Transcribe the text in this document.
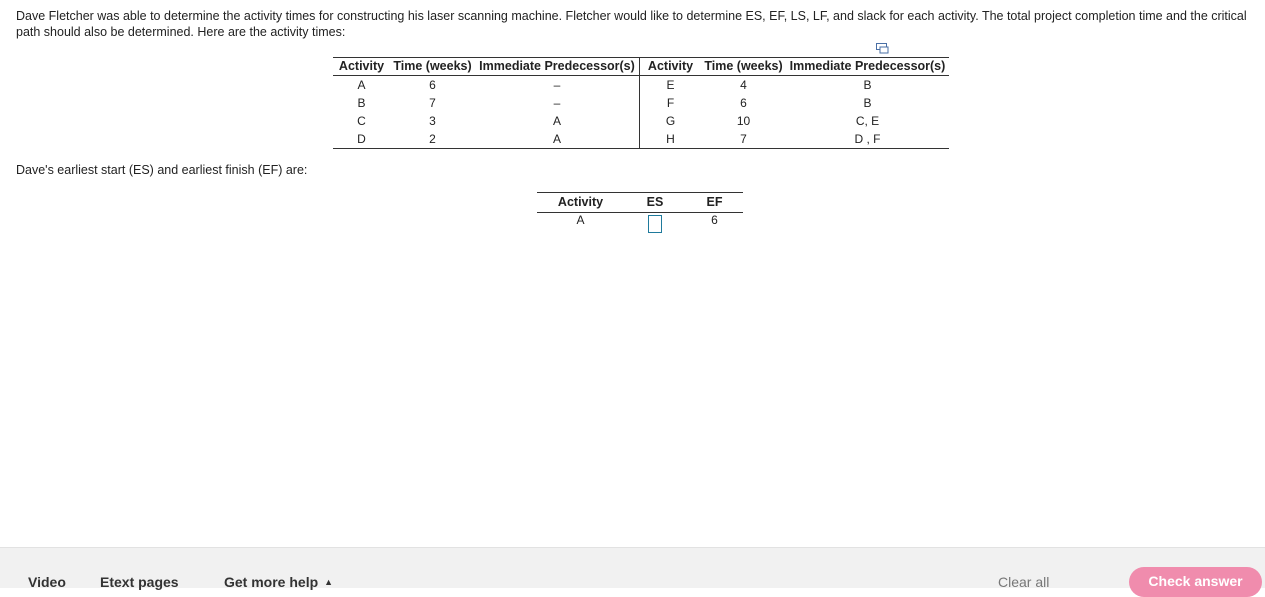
Dave Fletcher was able to determine the activity times for constructing his laser scanning machine. Fletcher would like to determine ES, EF, LS, LF, and slack for each activity. The total project completion time and the critical path should also be determined. Here are the activity times:
Activity	Time (weeks)	Immediate Predecessor(s)	Activity	Time (weeks)	Immediate Predecessor(s)
A	6	–	E	4	B
B	7	–	F	6	B
C	3	A	G	10	C, E
D	2	A	H	7	D , F
Dave's earliest start (ES) and earliest finish (EF) are:
Activity	ES	EF
A		6
Video Etext pages	Get more help ▲	Clear all	Check answer
